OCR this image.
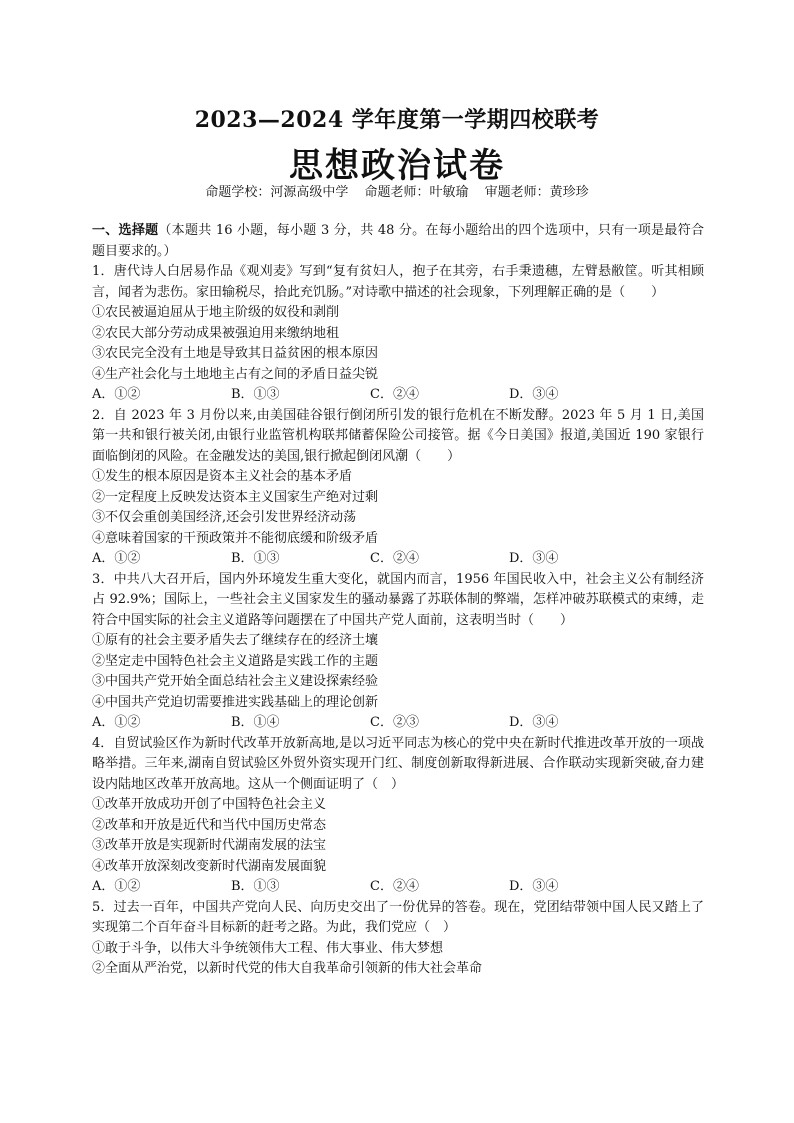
2023—2024 学年度第一学期四校联考
思想政治试卷
命题学校：河源高级中学 命题老师：叶敏瑜 审题老师：黄珍珍
一、选择题（本题共 16 小题，每小题 3 分，共 48 分。在每小题给出的四个选项中，只有一项是最符合题目要求的。）
1．唐代诗人白居易作品《观刈麦》写到“复有贫妇人，抱子在其旁，右手秉遗穗，左臂悬敝筐。听其相顾言，闻者为悲伤。家田输税尽，拾此充饥肠。”对诗歌中描述的社会现象，下列理解正确的是（　　）
①农民被逼迫屈从于地主阶级的奴役和剥削
②农民大部分劳动成果被强迫用来缴纳地租
③农民完全没有土地是导致其日益贫困的根本原因
④生产社会化与土地地主占有之间的矛盾日益尖锐
A．①②	B．①③	C．②④	D．③④
2．自 2023 年 3 月份以来,由美国硅谷银行倒闭所引发的银行危机在不断发酵。2023 年 5 月 1 日,美国第一共和银行被关闭,由银行业监管机构联邦储蓄保险公司接管。据《今日美国》报道,美国近 190 家银行面临倒闭的风险。在金融发达的美国,银行掀起倒闭风潮（　　）
①发生的根本原因是资本主义社会的基本矛盾
②一定程度上反映发达资本主义国家生产绝对过剩
③不仅会重创美国经济,还会引发世界经济动荡
④意味着国家的干预政策并不能彻底缓和阶级矛盾
A．①②	B．①③	C．②④	D．③④
3．中共八大召开后，国内外环境发生重大变化，就国内而言，1956 年国民收入中，社会主义公有制经济占 92.9%；国际上，一些社会主义国家发生的骚动暴露了苏联体制的弊端，怎样冲破苏联模式的束缚，走符合中国实际的社会主义道路等问题摆在了中国共产党人面前，这表明当时（　　）
①原有的社会主要矛盾失去了继续存在的经济土壤
②坚定走中国特色社会主义道路是实践工作的主题
③中国共产党开始全面总结社会主义建设探索经验
④中国共产党迫切需要推进实践基础上的理论创新
A．①②	B．①④	C．②③	D．③④
4．自贸试验区作为新时代改革开放新高地,是以习近平同志为核心的党中央在新时代推进改革开放的一项战略举措。三年来,湖南自贸试验区外贸外资实现开门红、制度创新取得新进展、合作联动实现新突破,奋力建设内陆地区改革开放高地。这从一个侧面证明了（　）
①改革开放成功开创了中国特色社会主义
②改革和开放是近代和当代中国历史常态
③改革开放是实现新时代湖南发展的法宝
④改革开放深刻改变新时代湖南发展面貌
A．①②	B．①③	C．②④	D．③④
5．过去一百年，中国共产党向人民、向历史交出了一份优异的答卷。现在，党团结带领中国人民又踏上了实现第二个百年奋斗目标新的赶考之路。为此，我们党应（　）
①敢于斗争，以伟大斗争统领伟大工程、伟大事业、伟大梦想
②全面从严治党，以新时代党的伟大自我革命引领新的伟大社会革命
